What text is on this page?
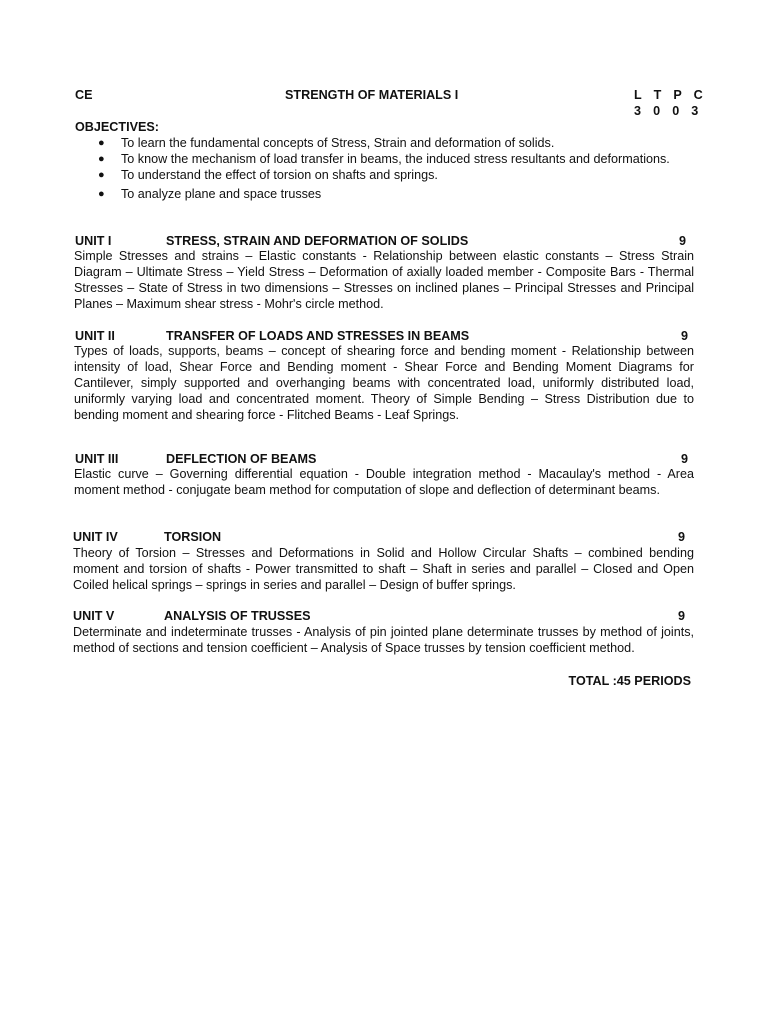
CE	STRENGTH OF MATERIALS I	L T P C
3 0 0 3
OBJECTIVES:
● To learn the fundamental concepts of Stress, Strain and deformation of solids.
● To know the mechanism of load transfer in beams, the induced stress resultants and deformations.
● To understand the effect of torsion on shafts and springs.
● To analyze plane and space trusses
UNIT I	STRESS, STRAIN AND DEFORMATION OF SOLIDS	9
Simple Stresses and strains – Elastic constants - Relationship between elastic constants – Stress Strain Diagram – Ultimate Stress – Yield Stress – Deformation of axially loaded member - Composite Bars - Thermal Stresses – State of Stress in two dimensions – Stresses on inclined planes – Principal Stresses and Principal Planes – Maximum shear stress - Mohr's circle method.
UNIT II	TRANSFER OF LOADS AND STRESSES IN BEAMS	9
Types of loads, supports, beams – concept of shearing force and bending moment - Relationship between intensity of load, Shear Force and Bending moment - Shear Force and Bending Moment Diagrams for Cantilever, simply supported and overhanging beams with concentrated load, uniformly distributed load, uniformly varying load and concentrated moment. Theory of Simple Bending – Stress Distribution due to bending moment and shearing force - Flitched Beams - Leaf Springs.
UNIT III	DEFLECTION OF BEAMS	9
Elastic curve – Governing differential equation - Double integration method - Macaulay's method - Area moment method - conjugate beam method for computation of slope and deflection of determinant beams.
UNIT IV	TORSION	9
Theory of Torsion – Stresses and Deformations in Solid and Hollow Circular Shafts – combined bending moment and torsion of shafts - Power transmitted to shaft – Shaft in series and parallel – Closed and Open Coiled helical springs – springs in series and parallel – Design of buffer springs.
UNIT V	ANALYSIS OF TRUSSES	9
Determinate and indeterminate trusses - Analysis of pin jointed plane determinate trusses by method of joints, method of sections and tension coefficient – Analysis of Space trusses by tension coefficient method.
TOTAL :45 PERIODS
